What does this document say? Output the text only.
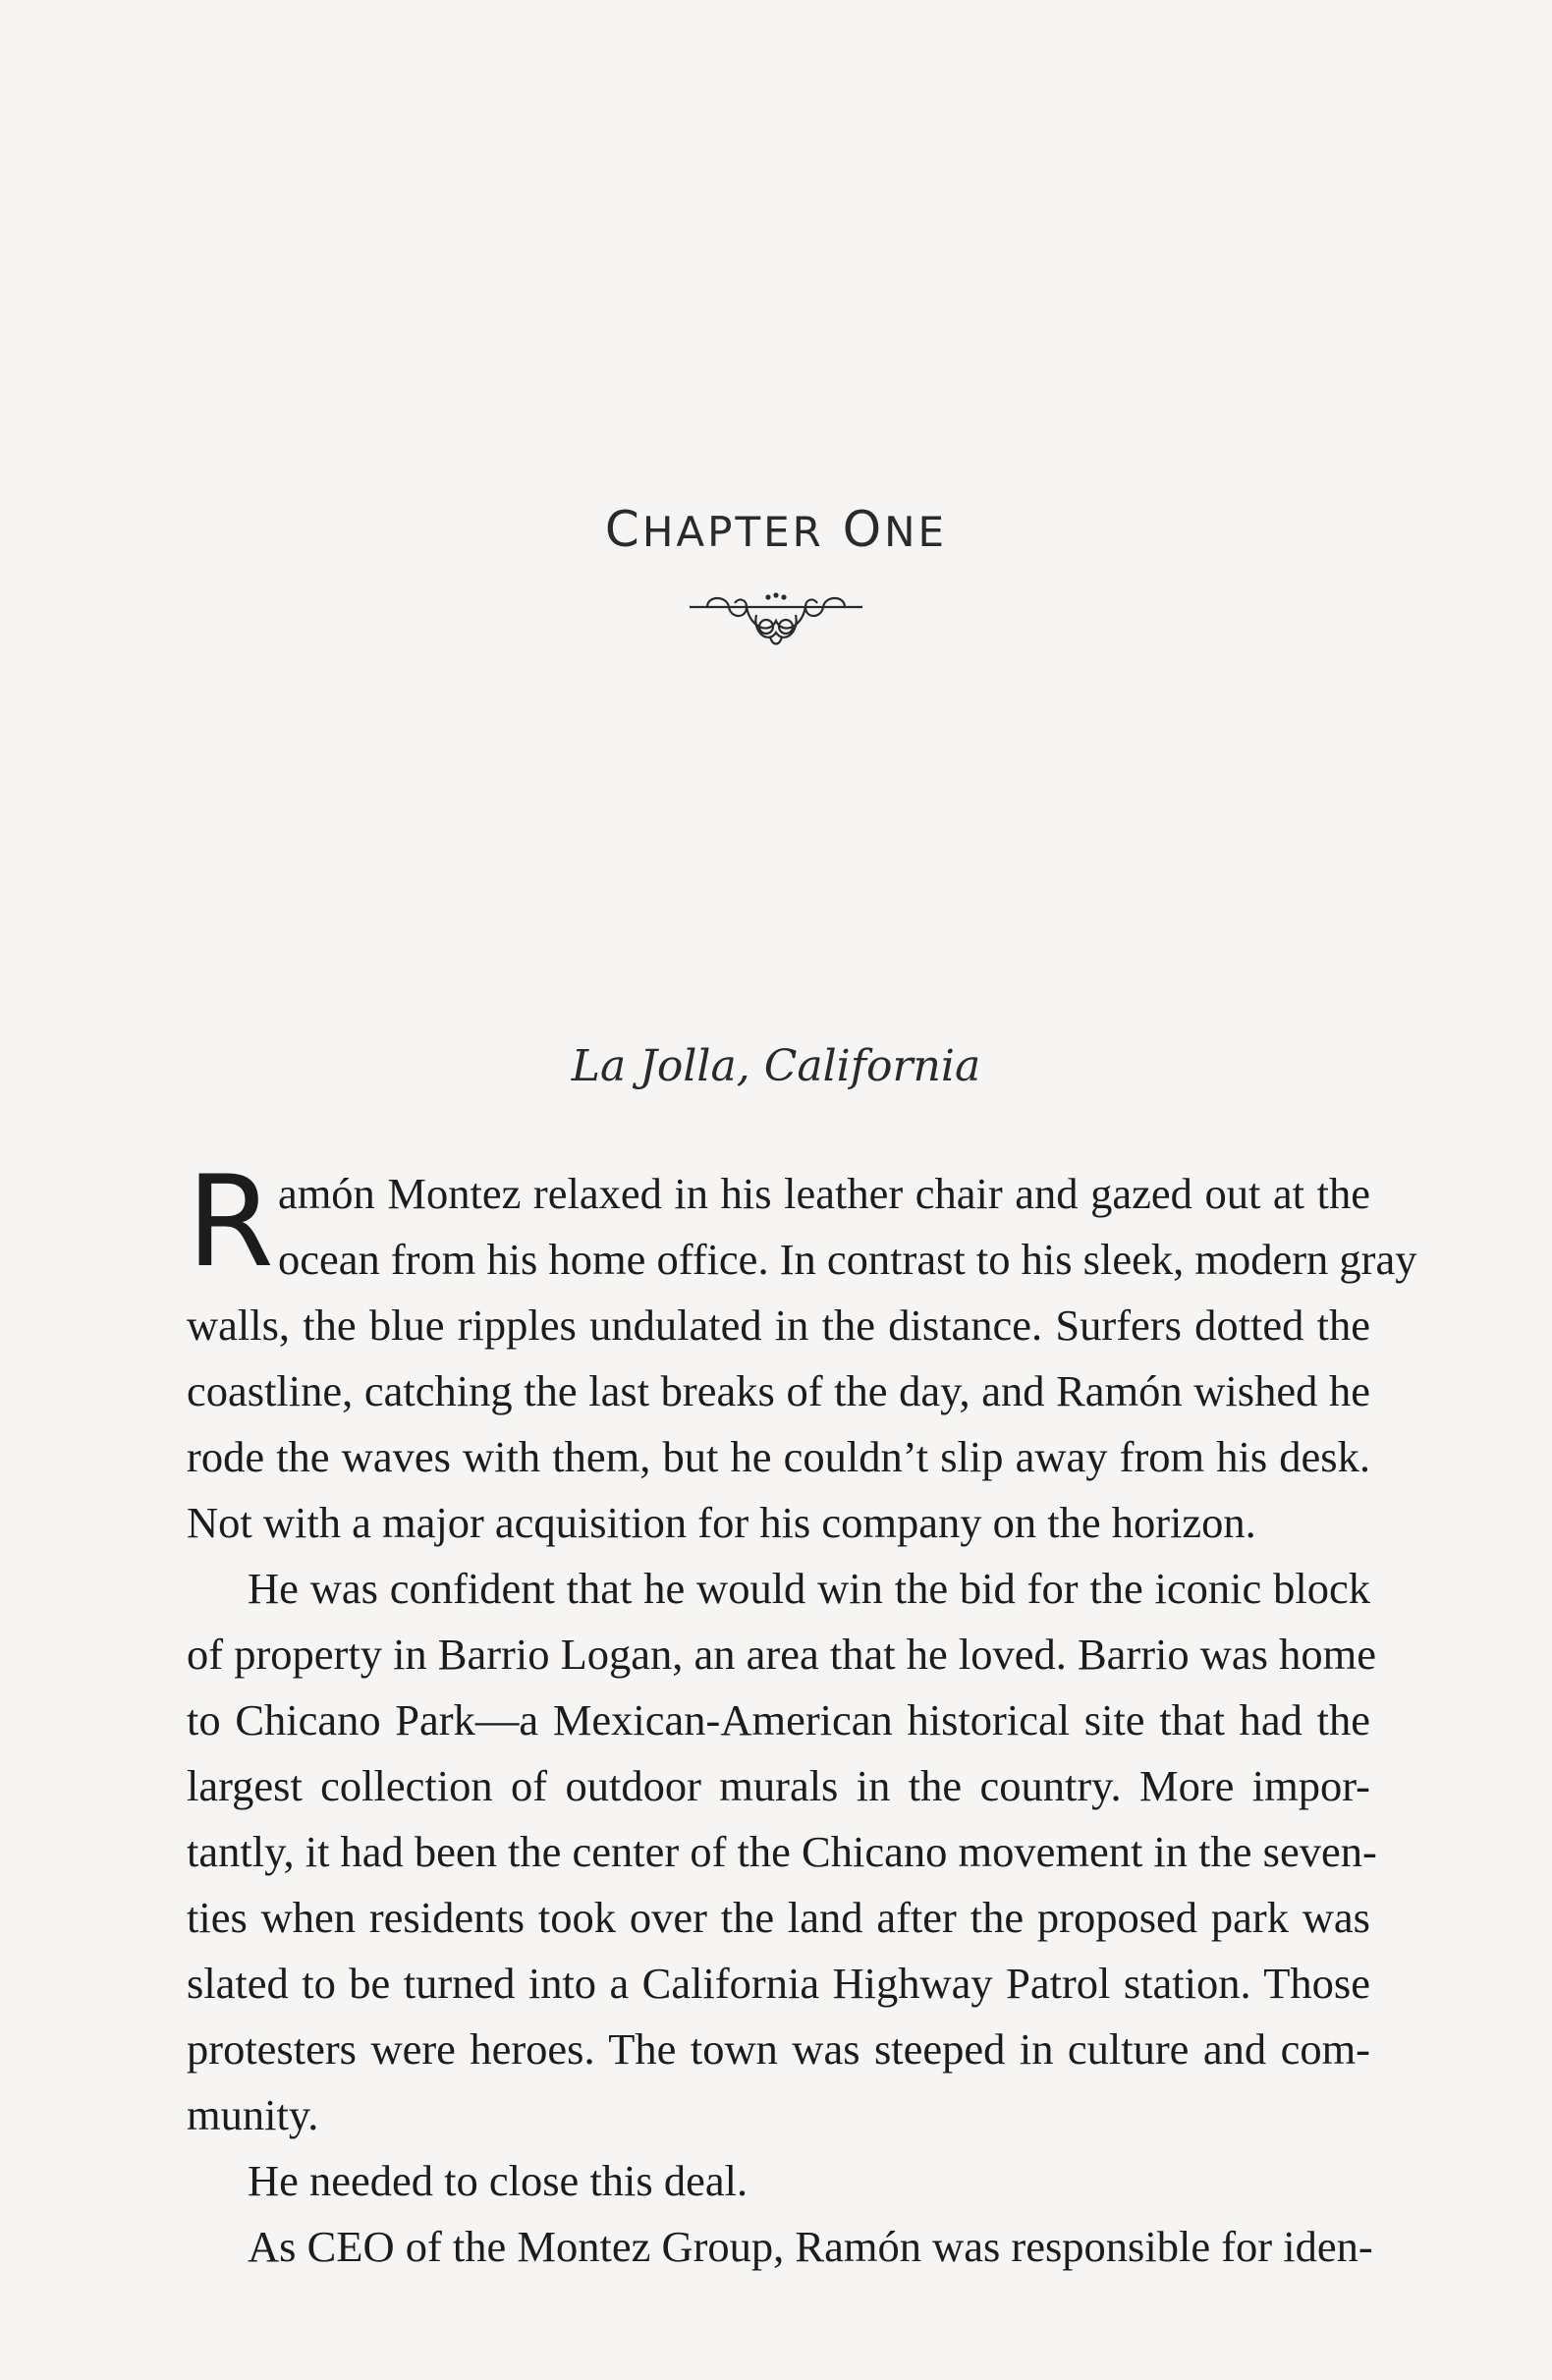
CHAPTER ONE
La Jolla, California

R amón Montez relaxed in his leather chair and gazed out at the
ocean from his home office. In contrast to his sleek, modern gray
walls, the blue ripples undulated in the distance. Surfers dotted the
coastline, catching the last breaks of the day, and Ramón wished he
rode the waves with them, but he couldn’t slip away from his desk.
Not with a major acquisition for his company on the horizon.

He was confident that he would win the bid for the iconic block
of property in Barrio Logan, an area that he loved. Barrio was home
to Chicano Park—a Mexican-American historical site that had the
largest collection of outdoor murals in the country. More impor-
tantly, it had been the center of the Chicano movement in the seven-
ties when residents took over the land after the proposed park was
slated to be turned into a California Highway Patrol station. Those
protesters were heroes. The town was steeped in culture and com-
munity.

He needed to close this deal.

As CEO of the Montez Group, Ramón was responsible for iden-
